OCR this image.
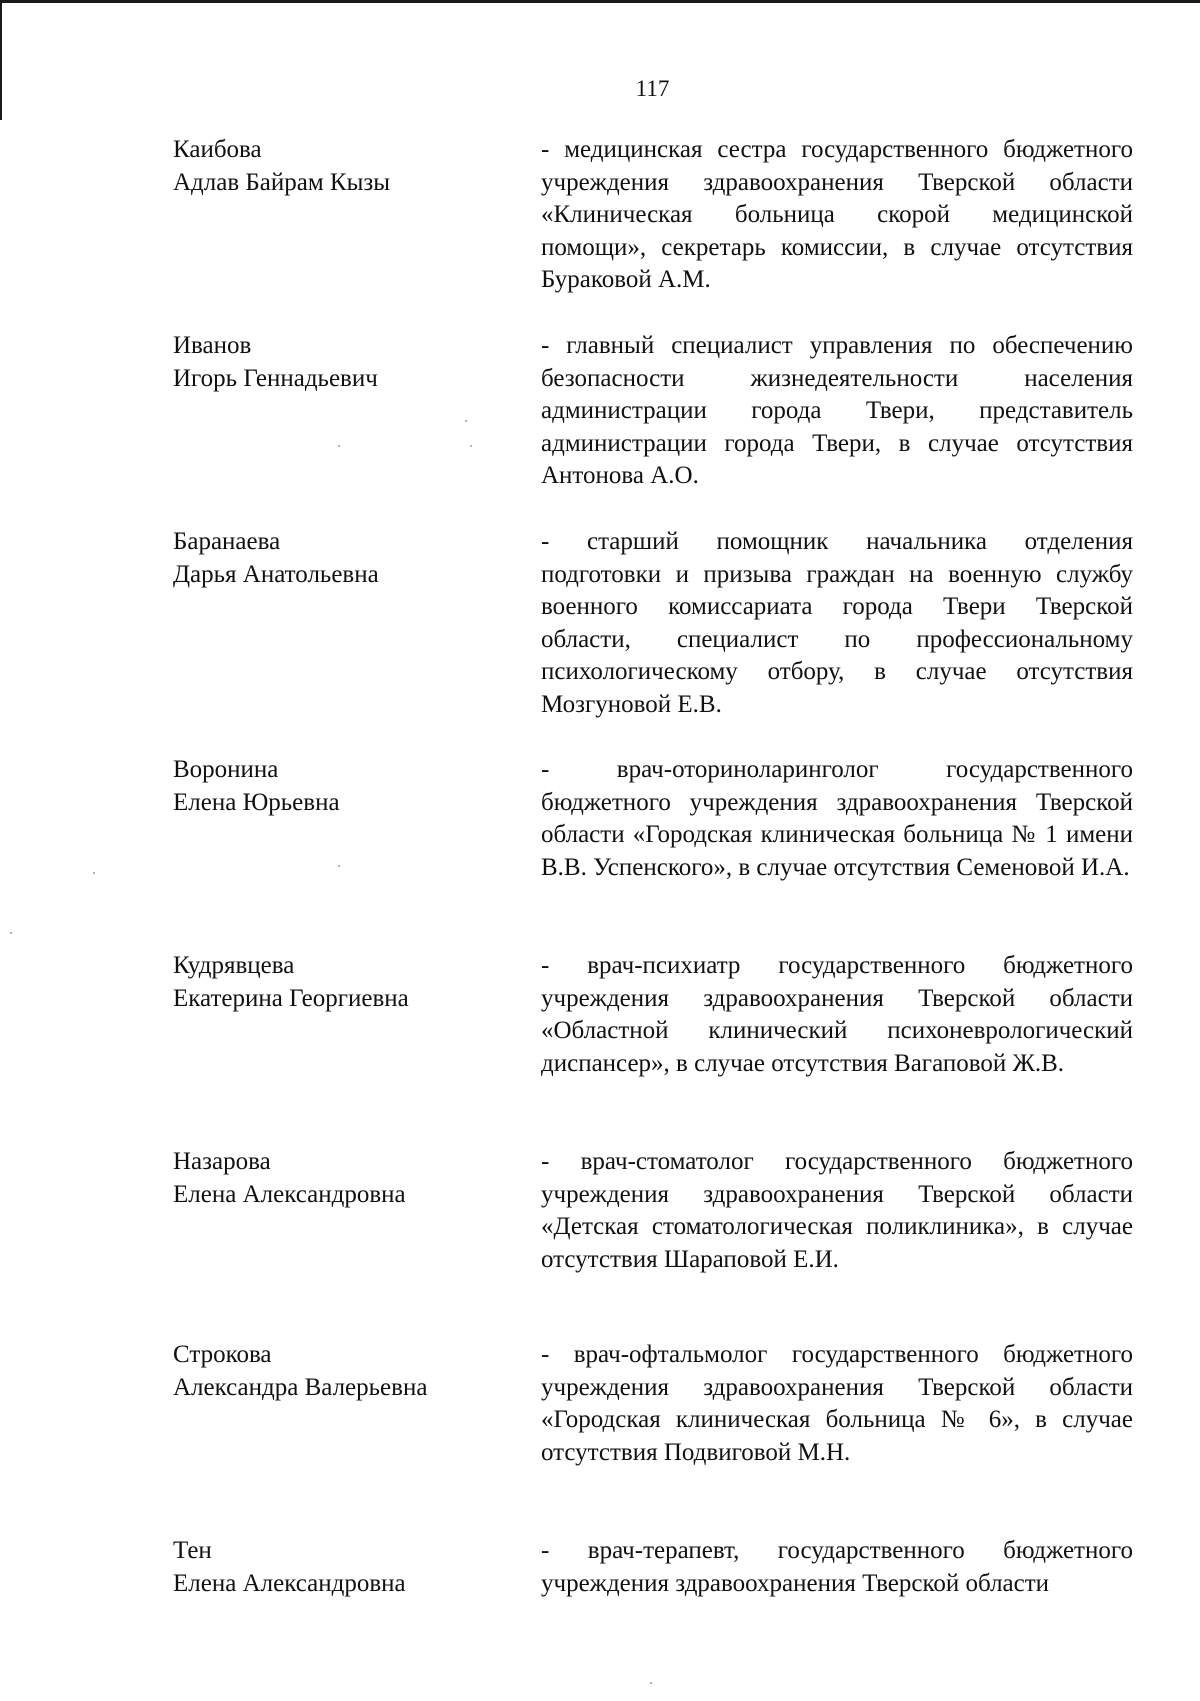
117
Каибова
Адлав Байрам Кызы
- медицинская сестра государственного бюджетного учреждения здравоохранения Тверской области «Клиническая больница скорой медицинской помощи», секретарь комиссии, в случае отсутствия Бураковой А.М.
Иванов
Игорь Геннадьевич
- главный специалист управления по обеспечению безопасности жизнедеятельности населения администрации города Твери, представитель администрации города Твери, в случае отсутствия Антонова А.О.
Баранаева
Дарья Анатольевна
- старший помощник начальника отделения подготовки и призыва граждан на военную службу военного комиссариата города Твери Тверской области, специалист по профессиональному психологическому отбору, в случае отсутствия Мозгуновой Е.В.
Воронина
Елена Юрьевна
- врач-оториноларинголог государственного бюджетного учреждения здравоохранения Тверской области «Городская клиническая больница № 1 имени В.В. Успенского», в случае отсутствия Семеновой И.А.
Кудрявцева
Екатерина Георгиевна
- врач-психиатр государственного бюджетного учреждения здравоохранения Тверской области «Областной клинический психоневрологический диспансер», в случае отсутствия Вагаповой Ж.В.
Назарова
Елена Александровна
- врач-стоматолог государственного бюджетного учреждения здравоохранения Тверской области «Детская стоматологическая поликлиника», в случае отсутствия Шараповой Е.И.
Строкова
Александра Валерьевна
- врач-офтальмолог государственного бюджетного учреждения здравоохранения Тверской области «Городская клиническая больница № 6», в случае отсутствия Подвиговой М.Н.
Тен
Елена Александровна
- врач-терапевт, государственного бюджетного учреждения здравоохранения Тверской области
